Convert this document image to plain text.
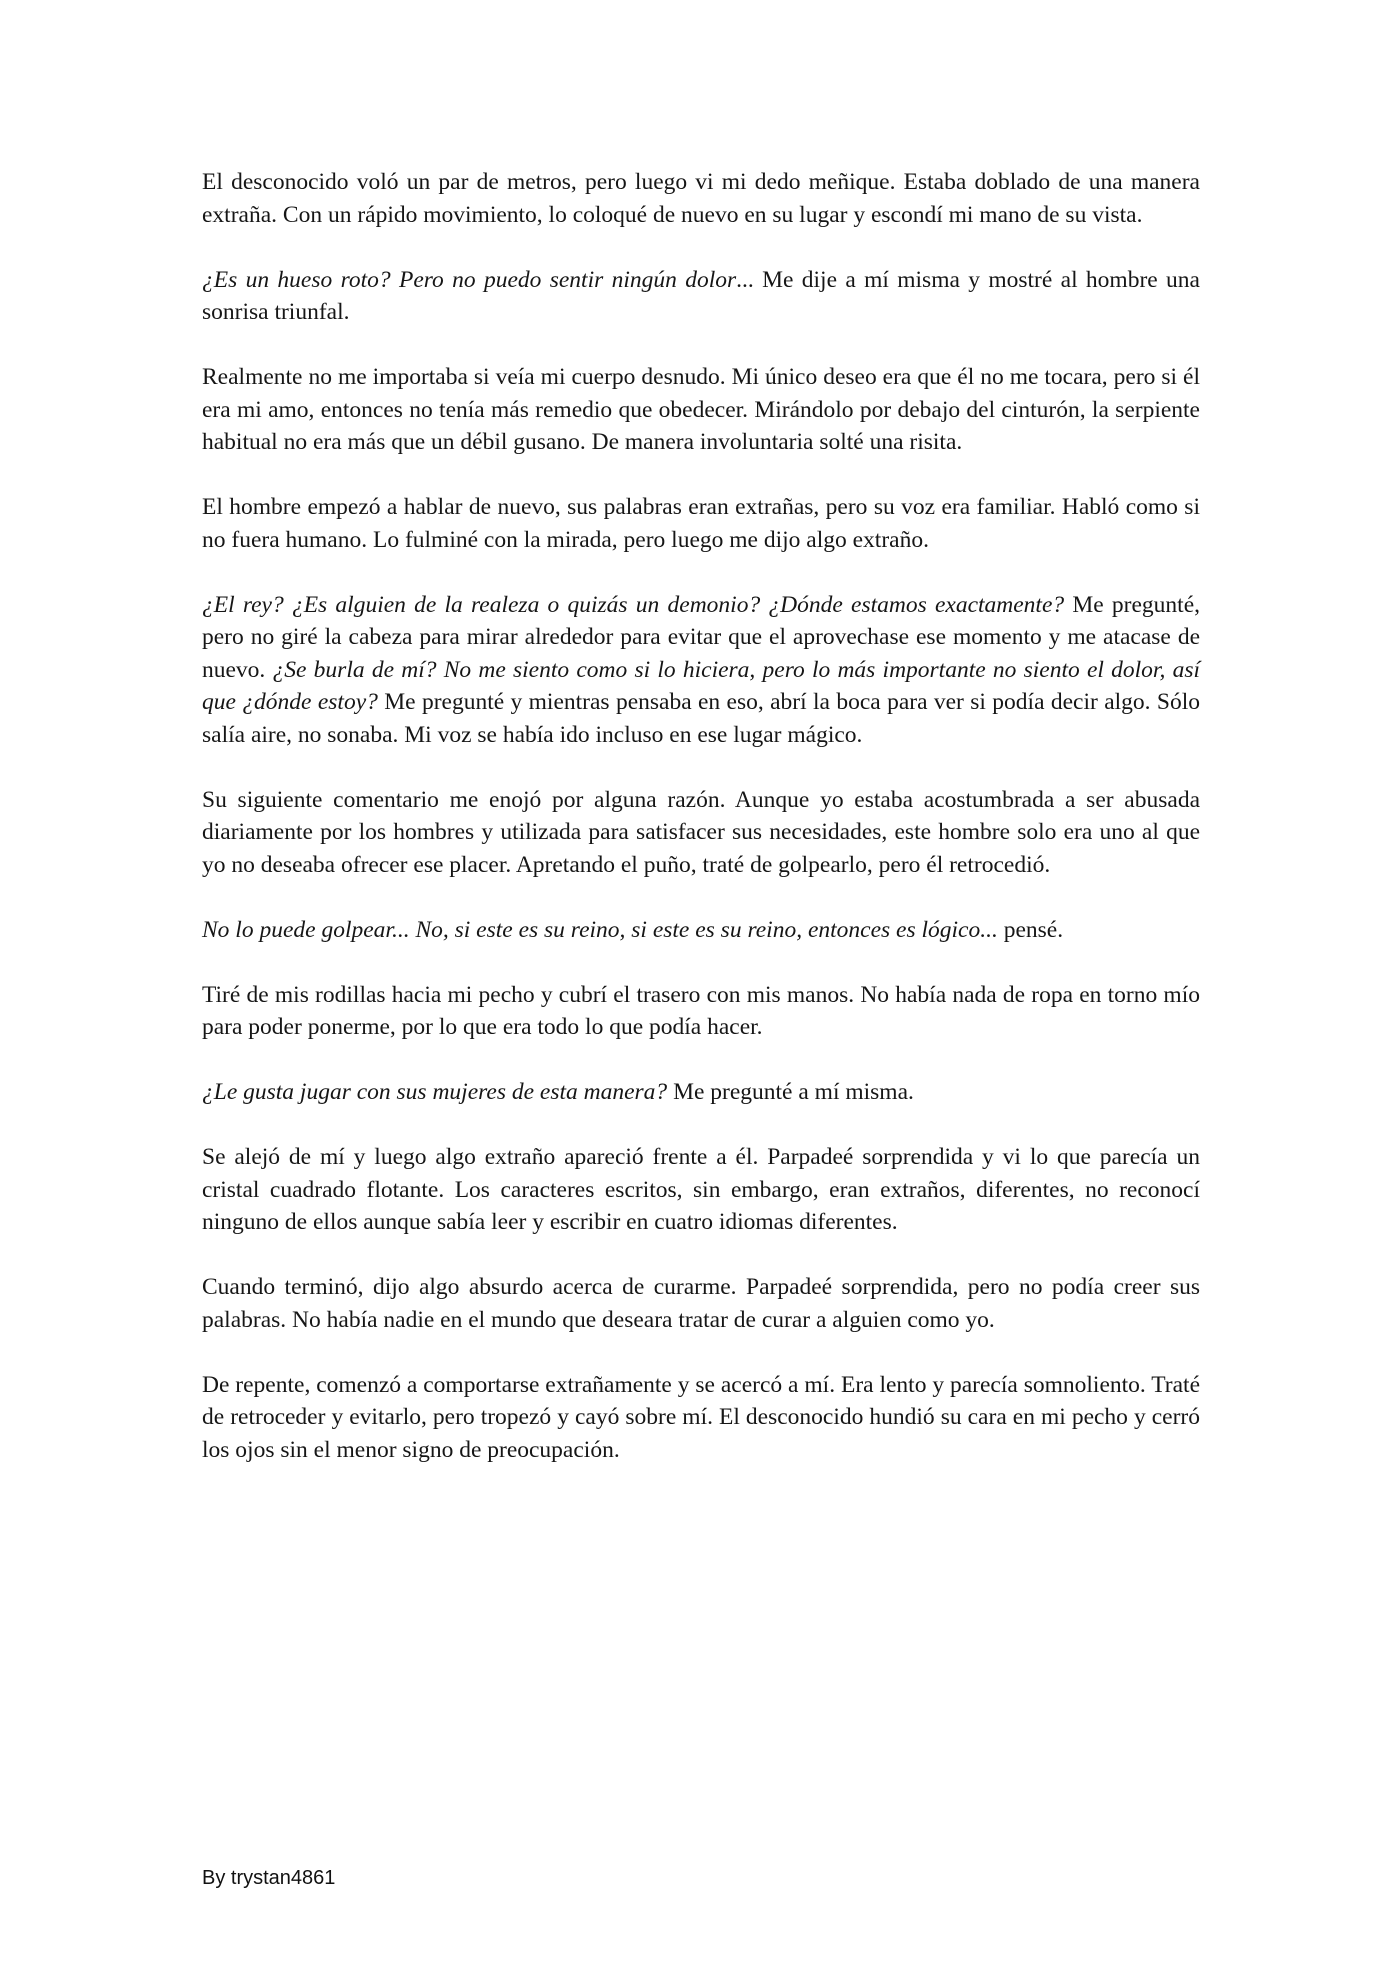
El desconocido voló un par de metros, pero luego vi mi dedo meñique. Estaba doblado de una manera extraña. Con un rápido movimiento, lo coloqué de nuevo en su lugar y escondí mi mano de su vista.

¿Es un hueso roto? Pero no puedo sentir ningún dolor... Me dije a mí misma y mostré al hombre una sonrisa triunfal.

Realmente no me importaba si veía mi cuerpo desnudo. Mi único deseo era que él no me tocara, pero si él era mi amo, entonces no tenía más remedio que obedecer. Mirándolo por debajo del cinturón, la serpiente habitual no era más que un débil gusano. De manera involuntaria solté una risita.

El hombre empezó a hablar de nuevo, sus palabras eran extrañas, pero su voz era familiar. Habló como si no fuera humano. Lo fulminé con la mirada, pero luego me dijo algo extraño.

¿El rey? ¿Es alguien de la realeza o quizás un demonio? ¿Dónde estamos exactamente? Me pregunté, pero no giré la cabeza para mirar alrededor para evitar que el aprovechase ese momento y me atacase de nuevo. ¿Se burla de mí? No me siento como si lo hiciera, pero lo más importante no siento el dolor, así que ¿dónde estoy? Me pregunté y mientras pensaba en eso, abrí la boca para ver si podía decir algo. Sólo salía aire, no sonaba. Mi voz se había ido incluso en ese lugar mágico.

Su siguiente comentario me enojó por alguna razón. Aunque yo estaba acostumbrada a ser abusada diariamente por los hombres y utilizada para satisfacer sus necesidades, este hombre solo era uno al que yo no deseaba ofrecer ese placer. Apretando el puño, traté de golpearlo, pero él retrocedió.

No lo puede golpear... No, si este es su reino, si este es su reino, entonces es lógico... pensé.

Tiré de mis rodillas hacia mi pecho y cubrí el trasero con mis manos. No había nada de ropa en torno mío para poder ponerme, por lo que era todo lo que podía hacer.

¿Le gusta jugar con sus mujeres de esta manera? Me pregunté a mí misma.

Se alejó de mí y luego algo extraño apareció frente a él. Parpadeé sorprendida y vi lo que parecía un cristal cuadrado flotante. Los caracteres escritos, sin embargo, eran extraños, diferentes, no reconocí ninguno de ellos aunque sabía leer y escribir en cuatro idiomas diferentes.

Cuando terminó, dijo algo absurdo acerca de curarme. Parpadeé sorprendida, pero no podía creer sus palabras. No había nadie en el mundo que deseara tratar de curar a alguien como yo.

De repente, comenzó a comportarse extrañamente y se acercó a mí. Era lento y parecía somnoliento. Traté de retroceder y evitarlo, pero tropezó y cayó sobre mí. El desconocido hundió su cara en mi pecho y cerró los ojos sin el menor signo de preocupación.

By trystan4861
